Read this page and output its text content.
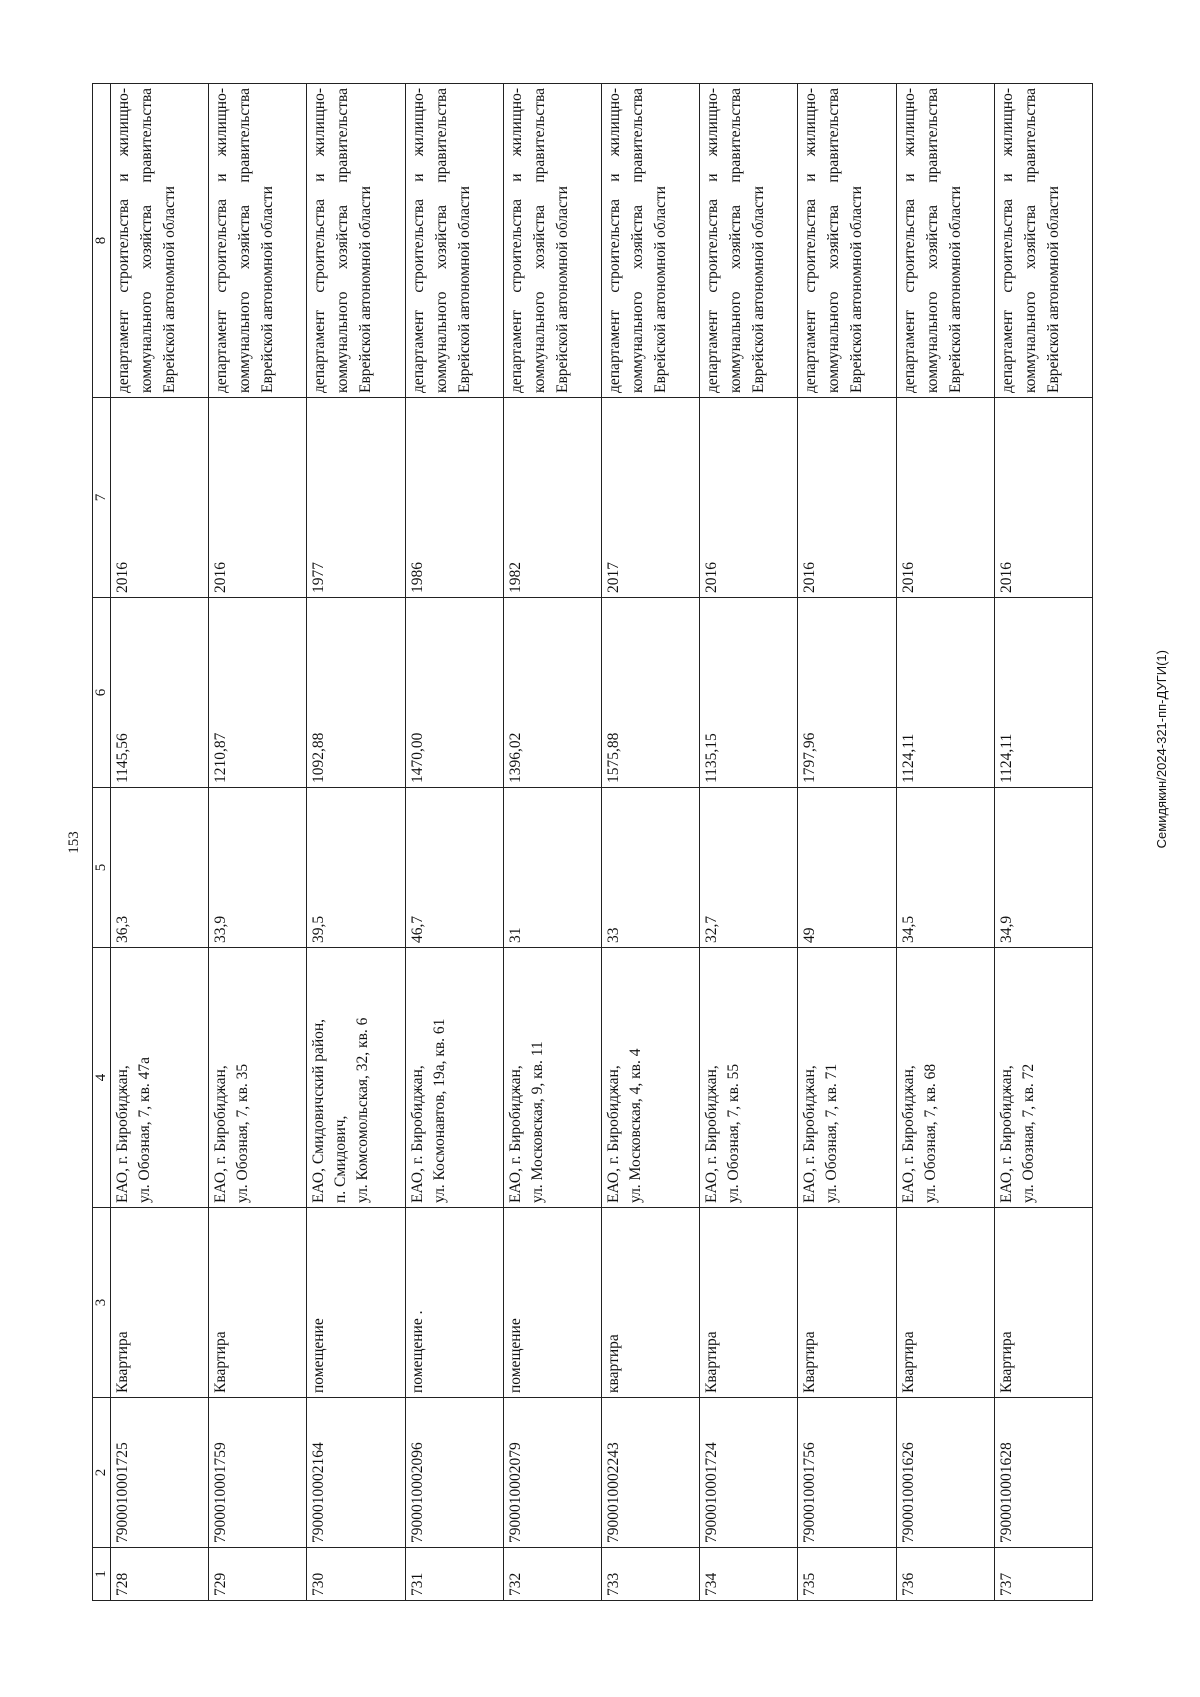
153
1	2	3	4	5	6	7	8
728	7900010001725	Квартира	ЕАО, г. Биробиджан, ул. Обозная, 7, кв. 47а	36,3	1145,56	2016	департамент строительства и жилищно-коммунального хозяйства правительства Еврейской автономной области
729	7900010001759	Квартира	ЕАО, г. Биробиджан, ул. Обозная, 7, кв. 35	33,9	1210,87	2016	департамент строительства и жилищно-коммунального хозяйства правительства Еврейской автономной области
730	7900010002164	помещение	ЕАО, Смидовичский район, п. Смидович, ул. Комсомольская, 32, кв. 6	39,5	1092,88	1977	департамент строительства и жилищно-коммунального хозяйства правительства Еврейской автономной области
731	7900010002096	помещение .	ЕАО, г. Биробиджан, ул. Космонавтов, 19а, кв. 61	46,7	1470,00	1986	департамент строительства и жилищно-коммунального хозяйства правительства Еврейской автономной области
732	7900010002079	помещение	ЕАО, г. Биробиджан, ул. Московская, 9, кв. 11	31	1396,02	1982	департамент строительства и жилищно-коммунального хозяйства правительства Еврейской автономной области
733	7900010002243	квартира	ЕАО, г. Биробиджан, ул. Московская, 4, кв. 4	33	1575,88	2017	департамент строительства и жилищно-коммунального хозяйства правительства Еврейской автономной области
734	7900010001724	Квартира	ЕАО, г. Биробиджан, ул. Обозная, 7, кв. 55	32,7	1135,15	2016	департамент строительства и жилищно-коммунального хозяйства правительства Еврейской автономной области
735	7900010001756	Квартира	ЕАО, г. Биробиджан, ул. Обозная, 7, кв. 71	49	1797,96	2016	департамент строительства и жилищно-коммунального хозяйства правительства Еврейской автономной области
736	7900010001626	Квартира	ЕАО, г. Биробиджан, ул. Обозная, 7, кв. 68	34,5	1124,11	2016	департамент строительства и жилищно-коммунального хозяйства правительства Еврейской автономной области
737	7900010001628	Квартира	ЕАО, г. Биробиджан, ул. Обозная, 7, кв. 72	34,9	1124,11	2016	департамент строительства и жилищно-коммунального хозяйства правительства Еврейской автономной области
Семидякин/2024-321-пп-ДУГИ(1)
